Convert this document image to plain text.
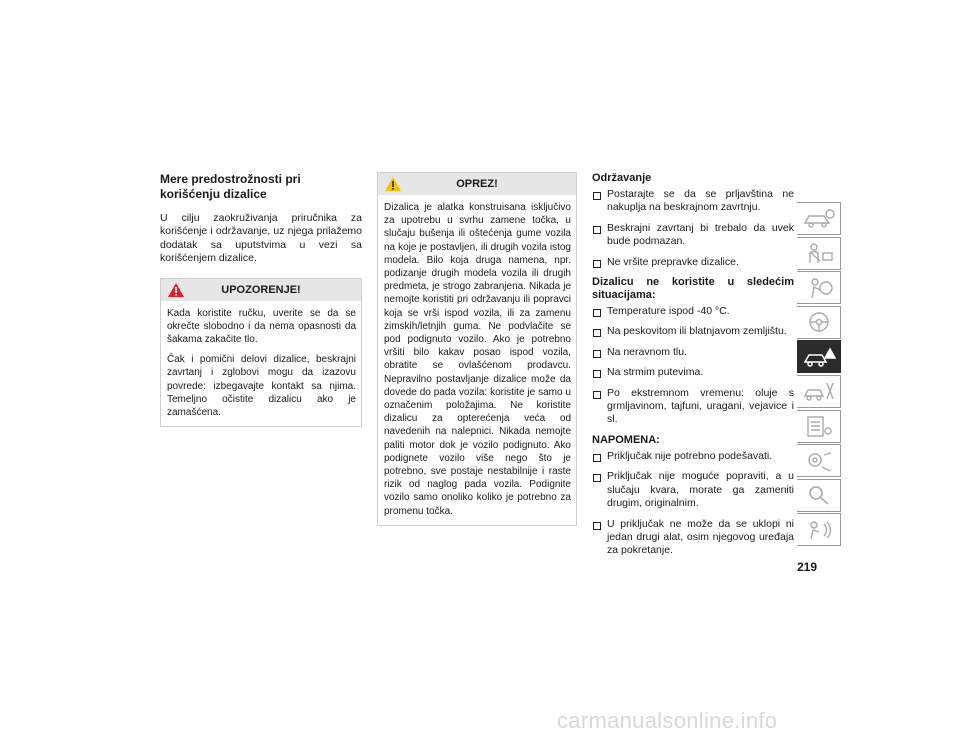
Mere predostrožnosti pri korišćenju dizalice

U cilju zaokruživanja priručnika za korišćenje i održavanje, uz njega prilažemo dodatak sa uputstvima u vezi sa korišćenjem dizalice.

UPOZORENJE!

Kada koristite ručku, uverite se da se okrečte slobodno i da nema opasnosti da šakama zakačite tlo.

Čak i pomični delovi dizalice, beskrajni zavrtanj i zglobovi mogu da izazovu povrede: izbegavajte kontakt sa njima. Temeljno očistite dizalicu ako je zamašćena.

OPREZ!

Dizalica je alatka konstruisana isključivo za upotrebu u svrhu zamene točka, u slučaju bušenja ili oštećenja gume vozila na koje je postavljen, ili drugih vozila istog modela. Bilo koja druga namena, npr. podizanje drugih modela vozila ili drugih predmeta, je strogo zabranjena. Nikada je nemojte koristiti pri održavanju ili popravci koja se vrši ispod vozila, ili za zamenu zimskih/letnjih guma. Ne podvlačite se pod podignuto vozilo. Ako je potrebno vršiti bilo kakav posao ispod vozila, obratite se ovlašćenom prodavcu. Nepravilno postavljanje dizalice može da dovede do pada vozila: koristite je samo u označenim položajima. Ne koristite dizalicu za opterećenja veća od navedenih na nalepnici. Nikada nemojte paliti motor dok je vozilo podignuto. Ako podignete vozilo više nego što je potrebno, sve postaje nestabilnije i raste rizik od naglog pada vozila. Podignite vozilo samo onoliko koliko je potrebno za promenu točka.

Održavanje
Postarajte se da se prljavština ne nakuplja na beskrajnom zavrtnju.
Beskrajni zavrtanj bi trebalo da uvek bude podmazan.
Ne vršite prepravke dizalice.
Dizalicu ne koristite u sledećim situacijama:
Temperature ispod -40 °C.
Na peskovitom ili blatnjavom zemljištu.
Na neravnom tlu.
Na strmim putevima.
Po ekstremnom vremenu: oluje s grmljavinom, tajfuni, uragani, vejavice i sl.
NAPOMENA:
Priključak nije potrebno podešavati.
Priključak nije moguće popraviti, a u slučaju kvara, morate ga zameniti drugim, originalnim.
U priključak ne može da se uklopi ni jedan drugi alat, osim njegovog uređaja za pokretanje.
219
carmanualsonline.info
